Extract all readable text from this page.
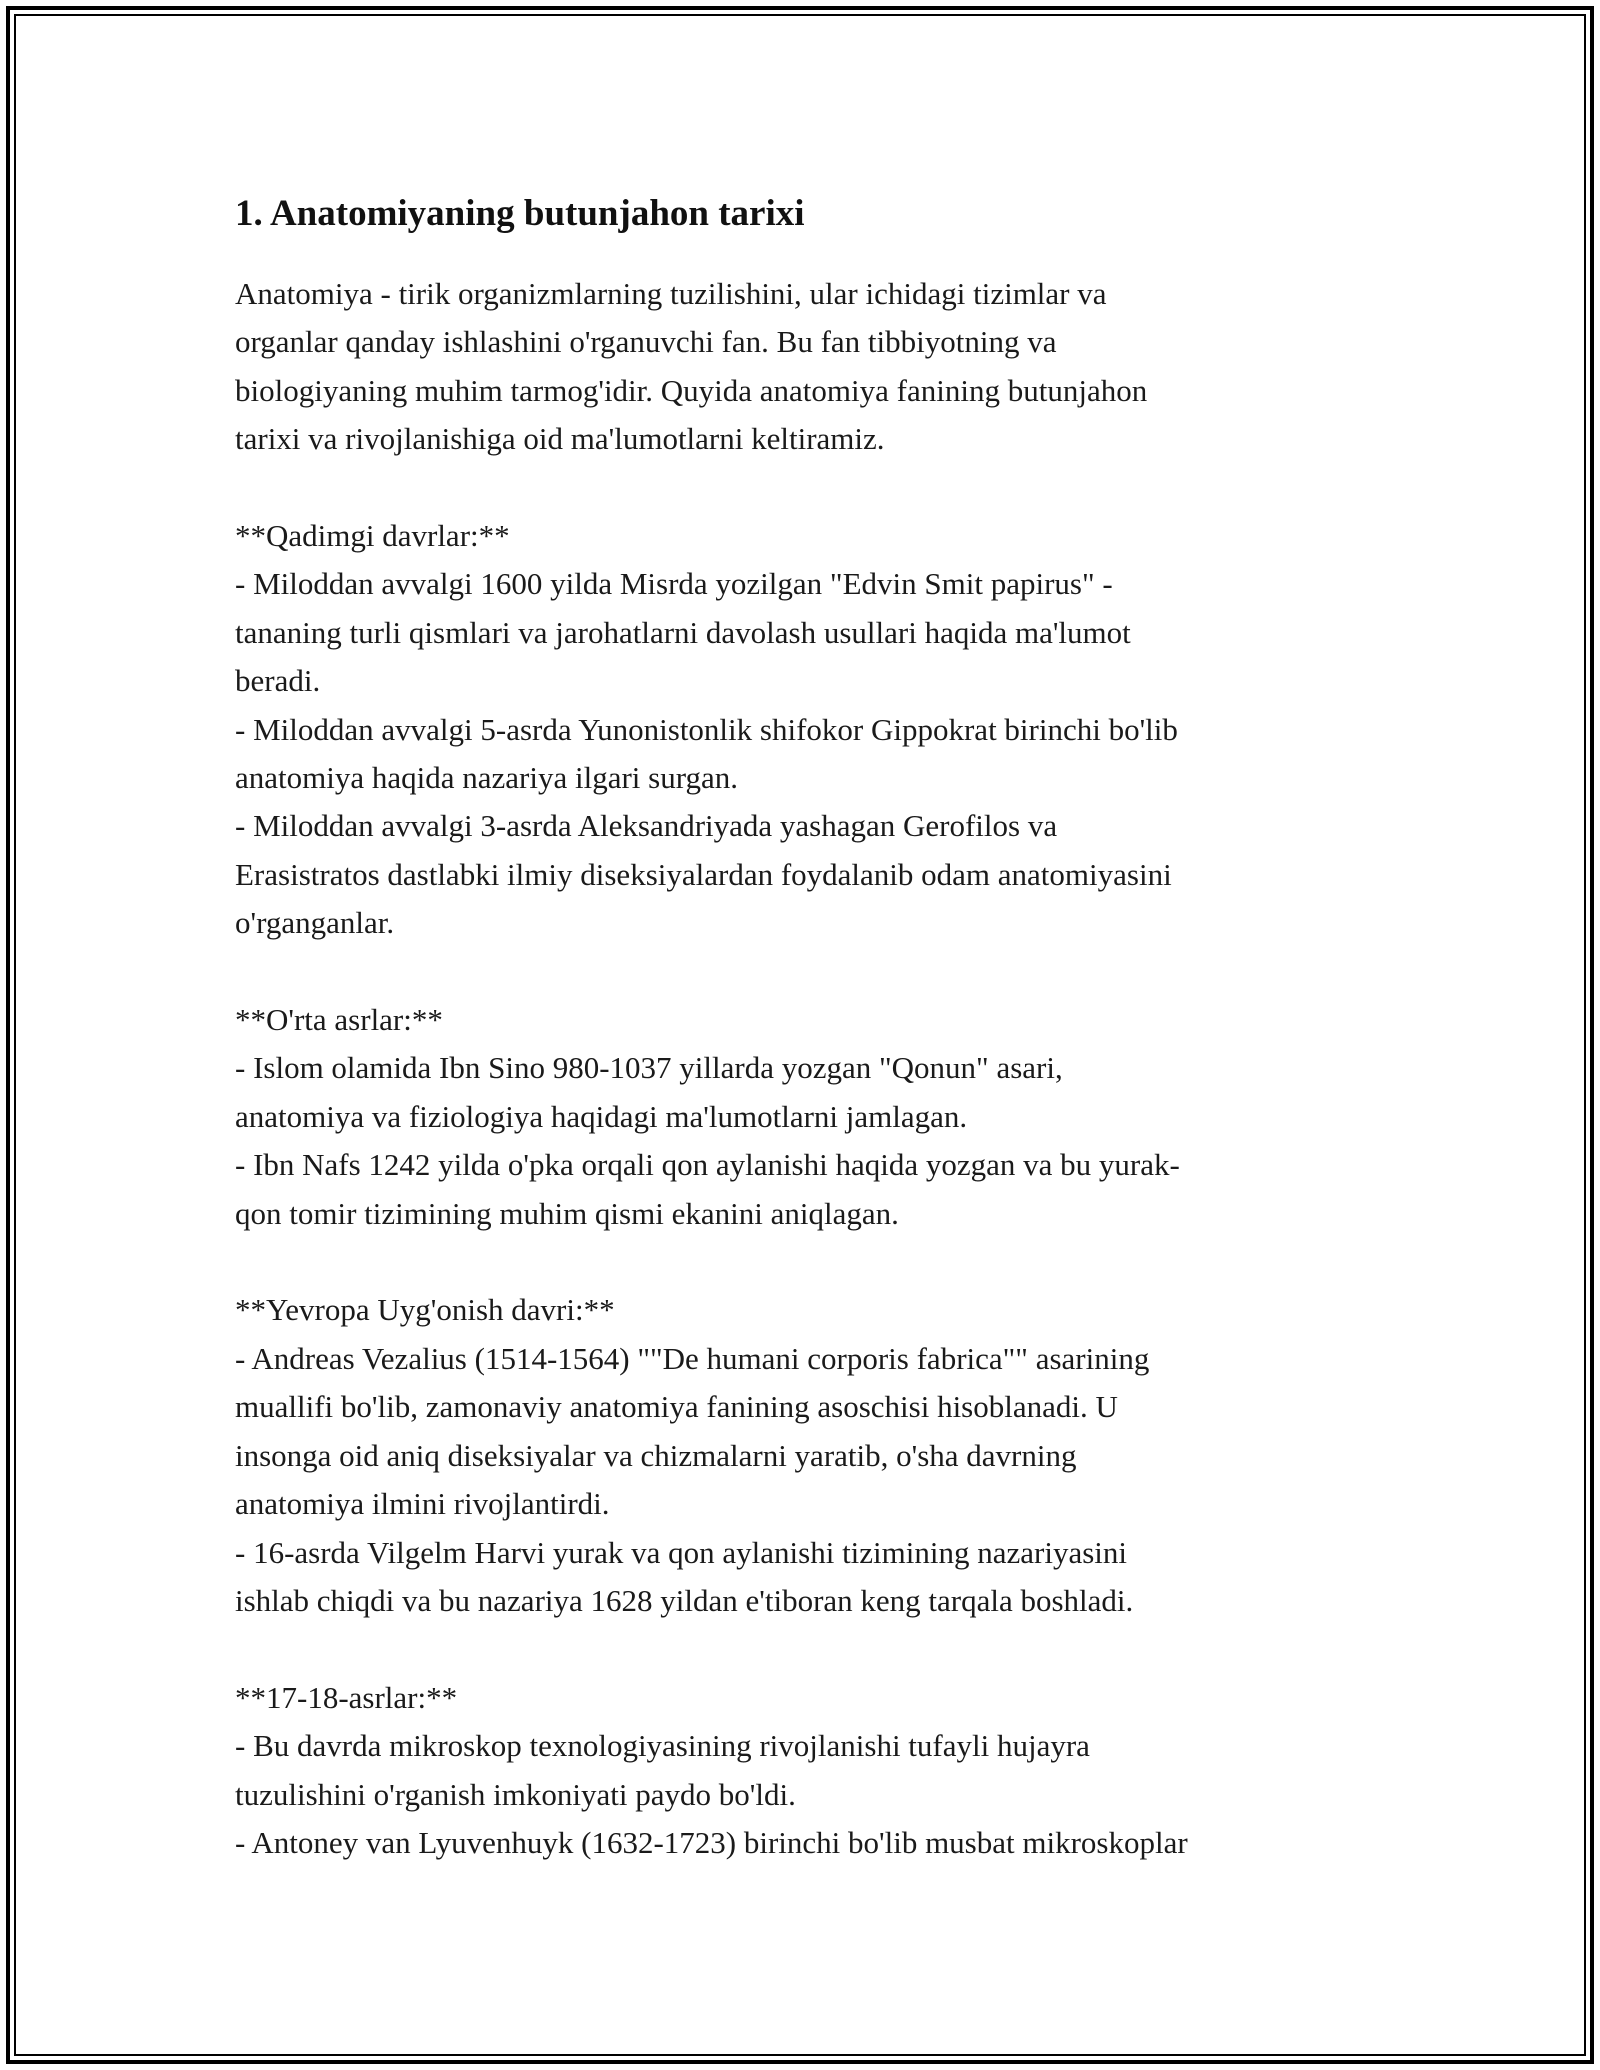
1. Anatomiyaning butunjahon tarixi
Anatomiya - tirik organizmlarning tuzilishini, ular ichidagi tizimlar va
organlar qanday ishlashini o'rganuvchi fan. Bu fan tibbiyotning va
biologiyaning muhim tarmog'idir. Quyida anatomiya fanining butunjahon
tarixi va rivojlanishiga oid ma'lumotlarni keltiramiz.
**Qadimgi davrlar:**
- Miloddan avvalgi 1600 yilda Misrda yozilgan "Edvin Smit papirus" -
tananing turli qismlari va jarohatlarni davolash usullari haqida ma'lumot
beradi.
- Miloddan avvalgi 5-asrda Yunonistonlik shifokor Gippokrat birinchi bo'lib
anatomiya haqida nazariya ilgari surgan.
- Miloddan avvalgi 3-asrda Aleksandriyada yashagan Gerofilos va
Erasistratos dastlabki ilmiy diseksiyalardan foydalanib odam anatomiyasini
o'rganganlar.
**O'rta asrlar:**
- Islom olamida Ibn Sino 980-1037 yillarda yozgan "Qonun" asari,
anatomiya va fiziologiya haqidagi ma'lumotlarni jamlagan.
- Ibn Nafs 1242 yilda o'pka orqali qon aylanishi haqida yozgan va bu yurak-
qon tomir tizimining muhim qismi ekanini aniqlagan.
**Yevropa Uyg'onish davri:**
- Andreas Vezalius (1514-1564) ""De humani corporis fabrica"" asarining
muallifi bo'lib, zamonaviy anatomiya fanining asoschisi hisoblanadi. U
insonga oid aniq diseksiyalar va chizmalarni yaratib, o'sha davrning
anatomiya ilmini rivojlantirdi.
- 16-asrda Vilgelm Harvi yurak va qon aylanishi tizimining nazariyasini
ishlab chiqdi va bu nazariya 1628 yildan e'tiboran keng tarqala boshladi.
**17-18-asrlar:**
- Bu davrda mikroskop texnologiyasining rivojlanishi tufayli hujayra
tuzulishini o'rganish imkoniyati paydo bo'ldi.
- Antoney van Lyuvenhuyk (1632-1723) birinchi bo'lib musbat mikroskoplar
